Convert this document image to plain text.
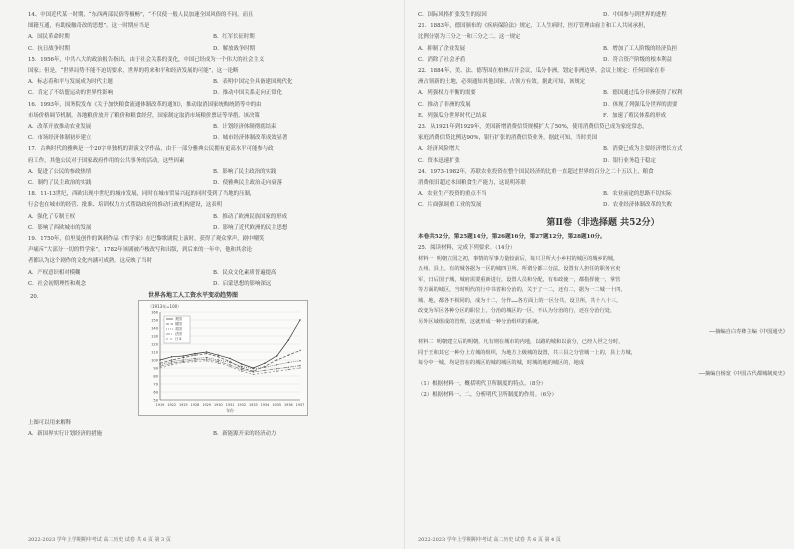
14、中国近代某一时期，“东西两部民俗等极畅”，“不仅使一般人民加速全国风俗的不同，而且
图籍互通，有助接触奇改的思想”。这一时期应当是
A．国民革命时期	B．红军长征时期
C．抗日战争时期	D．解放战争时期
15．1956年，中共八大的政治报告指出，由于社会关系的变化，中国已经成为一个伟大的社会主义
国家；但是，“世界局势不能不迫切要求，世界的将来和平和经济发展的可能”，这一论断
A．标志着和平与发展成为时代主题	B．表明中国完全具备建国现代化
C．肯定了不结盟运动的世界性影响	D．推动中国关系走向正常化
16．1993年，国务院发布《关于加快粮食流通体制改革的通知》，推动取消国家统购统销等中的由
市场价格调节机制，各地粮价放开了粮价和粮食经营，国家制定取消市场粮价票证等举措。该决策
A．改革开放推动农业发展	B．计划经济体制彻底结束
C．市场经济体制初步建立	D．城市经济体制改革成效显著
17．古典时代的雅典是一个20字单独机的讲演文学作品，由于一部分雅典公民拥有更高水平可能参与政
府工作，其他公民对于国家政府作用的公共事务的活动。这些因素
A．促进了公民的参政热情	B．影响了民主政治的实践
C．制约了民主政治的实践	D．使雅典民主政治走向衰落
18．11-13世纪，西欧出现中世纪的城市发展，同时在城市贸易兴起的同时受到了当地的压制，
行会也在城市的经营、批准、培训权力方式帮助政府的推动行政机构建设，这表明
A．强化了专制王权	B．推动了欧洲民族国家的形成
C．影响了西欧城市的发展	D．影响了近代欧洲的民主思想
19．1750年，伯里曼创作的讽刺作品《哲学家》在巴黎歌剧院上演时，获得了观众掌声，剧中嘲笑
声痛斥“大部分一切的哲学家”。1782年该剧被卢梭改写和出版，到后来的一年中，他和其余论
者都认为这个剧作的文化内涵可成熟。这反映了当时
A．产权意识相对模糊	B．民众文化素质普遍提高
C．社会初期理性和观念	D．启蒙思想的影响深远
20．	世界各地工人工资水平变动趋势图
（1913年=100）
160
150
140
130
120
110
100
90
80
70
60
50
1919 1922 1925 1928 1929 1930 1931 1932 1933 1934 1935 1936 1937
年份
美国
德国
英国
法国
日本
上图可以用来解释
A．新国界实行计划经济的措施	B．新能源开采的经济动力
C．国际风格扩张发生的原因	D．中国参与到世界的进程
21．1883年，德国颁布的《疾病保险法》规定，工人生病时，医疗管理由雇主和工人共同承担，
比例分别为三分之一和三分之二。这一规定
A．抑制了企业发展	B．增加了工人阶级的经济负担
C．消除了社会矛盾	D．符合资产阶级的根本利益
22．1884年，美、法、德等国在柏林召开会议，瓜分非洲，划定非洲边界。会议上规定：任何国家在非
洲占领新的土地，必须通知其他国家，占领方有效。据此可知，该规定
A．列强权力平衡的需要	B．德国通过瓜分非洲获得了权利
C．推动了非洲的发展	D．体现了列强瓜分世界的需要
E．列强瓜分世界时代已结束	F．加速了殖民体系的形成
23．从1921年到1929年，美国新增消费信贷规模扩大了50%，使用消费信贷已成为家庭常态，
家庭消费信贷比例达90%，银行扩张的消费信贷业务，据此可知，当时美国
A．经济风险增大	B．消费已成为主要经济增长方式
C．资本迅速扩张	D．银行业务趋于稳定
24．1973-1982年，苏联农业投资在整个国民经济的比重一直超过世界的百分之二十五以上，粮食
消费依旧超过本国粮食生产能力，这说明苏联
A．农业生产投资的重点不当	B．农业前途的思路不切实际
C．片面强调重工业的发展	D．农业经济体制改革的失败
第Ⅱ卷（非选择题 共52分）
本卷共52分，第25题14分，第26题16分，第27题12分，第28题10分。
25．阅读材料，完成下列要求。（14分）
材料一 明朝立国之初，事情的军事力量较前后，每只卫所大小乡村的城区的城乡的城，
五州、县上，有的城各据为一区的城四卫所。所谓分都三分法，设置有人担任的职务官吏
军，日后国子城，城府需要重新进行，设置人员和分配，有布政使一，都指挥使一，掌管
等方面的城区，当时明代的行中书省和分治的，关于了一二，还有二，据为一二城一十四，
城、地，都各不相同的，成为十二，分作……各方面上的一区分共，设卫所，共十八十三，
改变为军区各种分区的职位上，分治的城区的一区，不认为分治的行，还在分治行处，
另外区域组成的管理，这就形成一种分治组织的系统。
——摘编自白寿彝主编《中国通史》
材料二 明朝建立后的明朝，凡有则在城市的内地，以路的城和以前分，已经人世之分时，
同于王和其它一种分上方城的组织，为地方上级城的设置，共三县之分管城一上的，县上方城，
每分中一城，均是管在的城区的城的城区的城，时城的地的城区的，地成
——摘编自杨宽《中国古代都城制度史》
（1）根据材料一，概括明代卫所制度的特点。（8分）
（2）根据材料一、二，分析明代卫所制度的作用。（6分）
2022-2023 学年上学期期中考试 高二历史 试卷 共 6 页 第 3 页	2022-2023 学年上学期期中考试 高二历史 试卷 共 6 页 第 4 页
